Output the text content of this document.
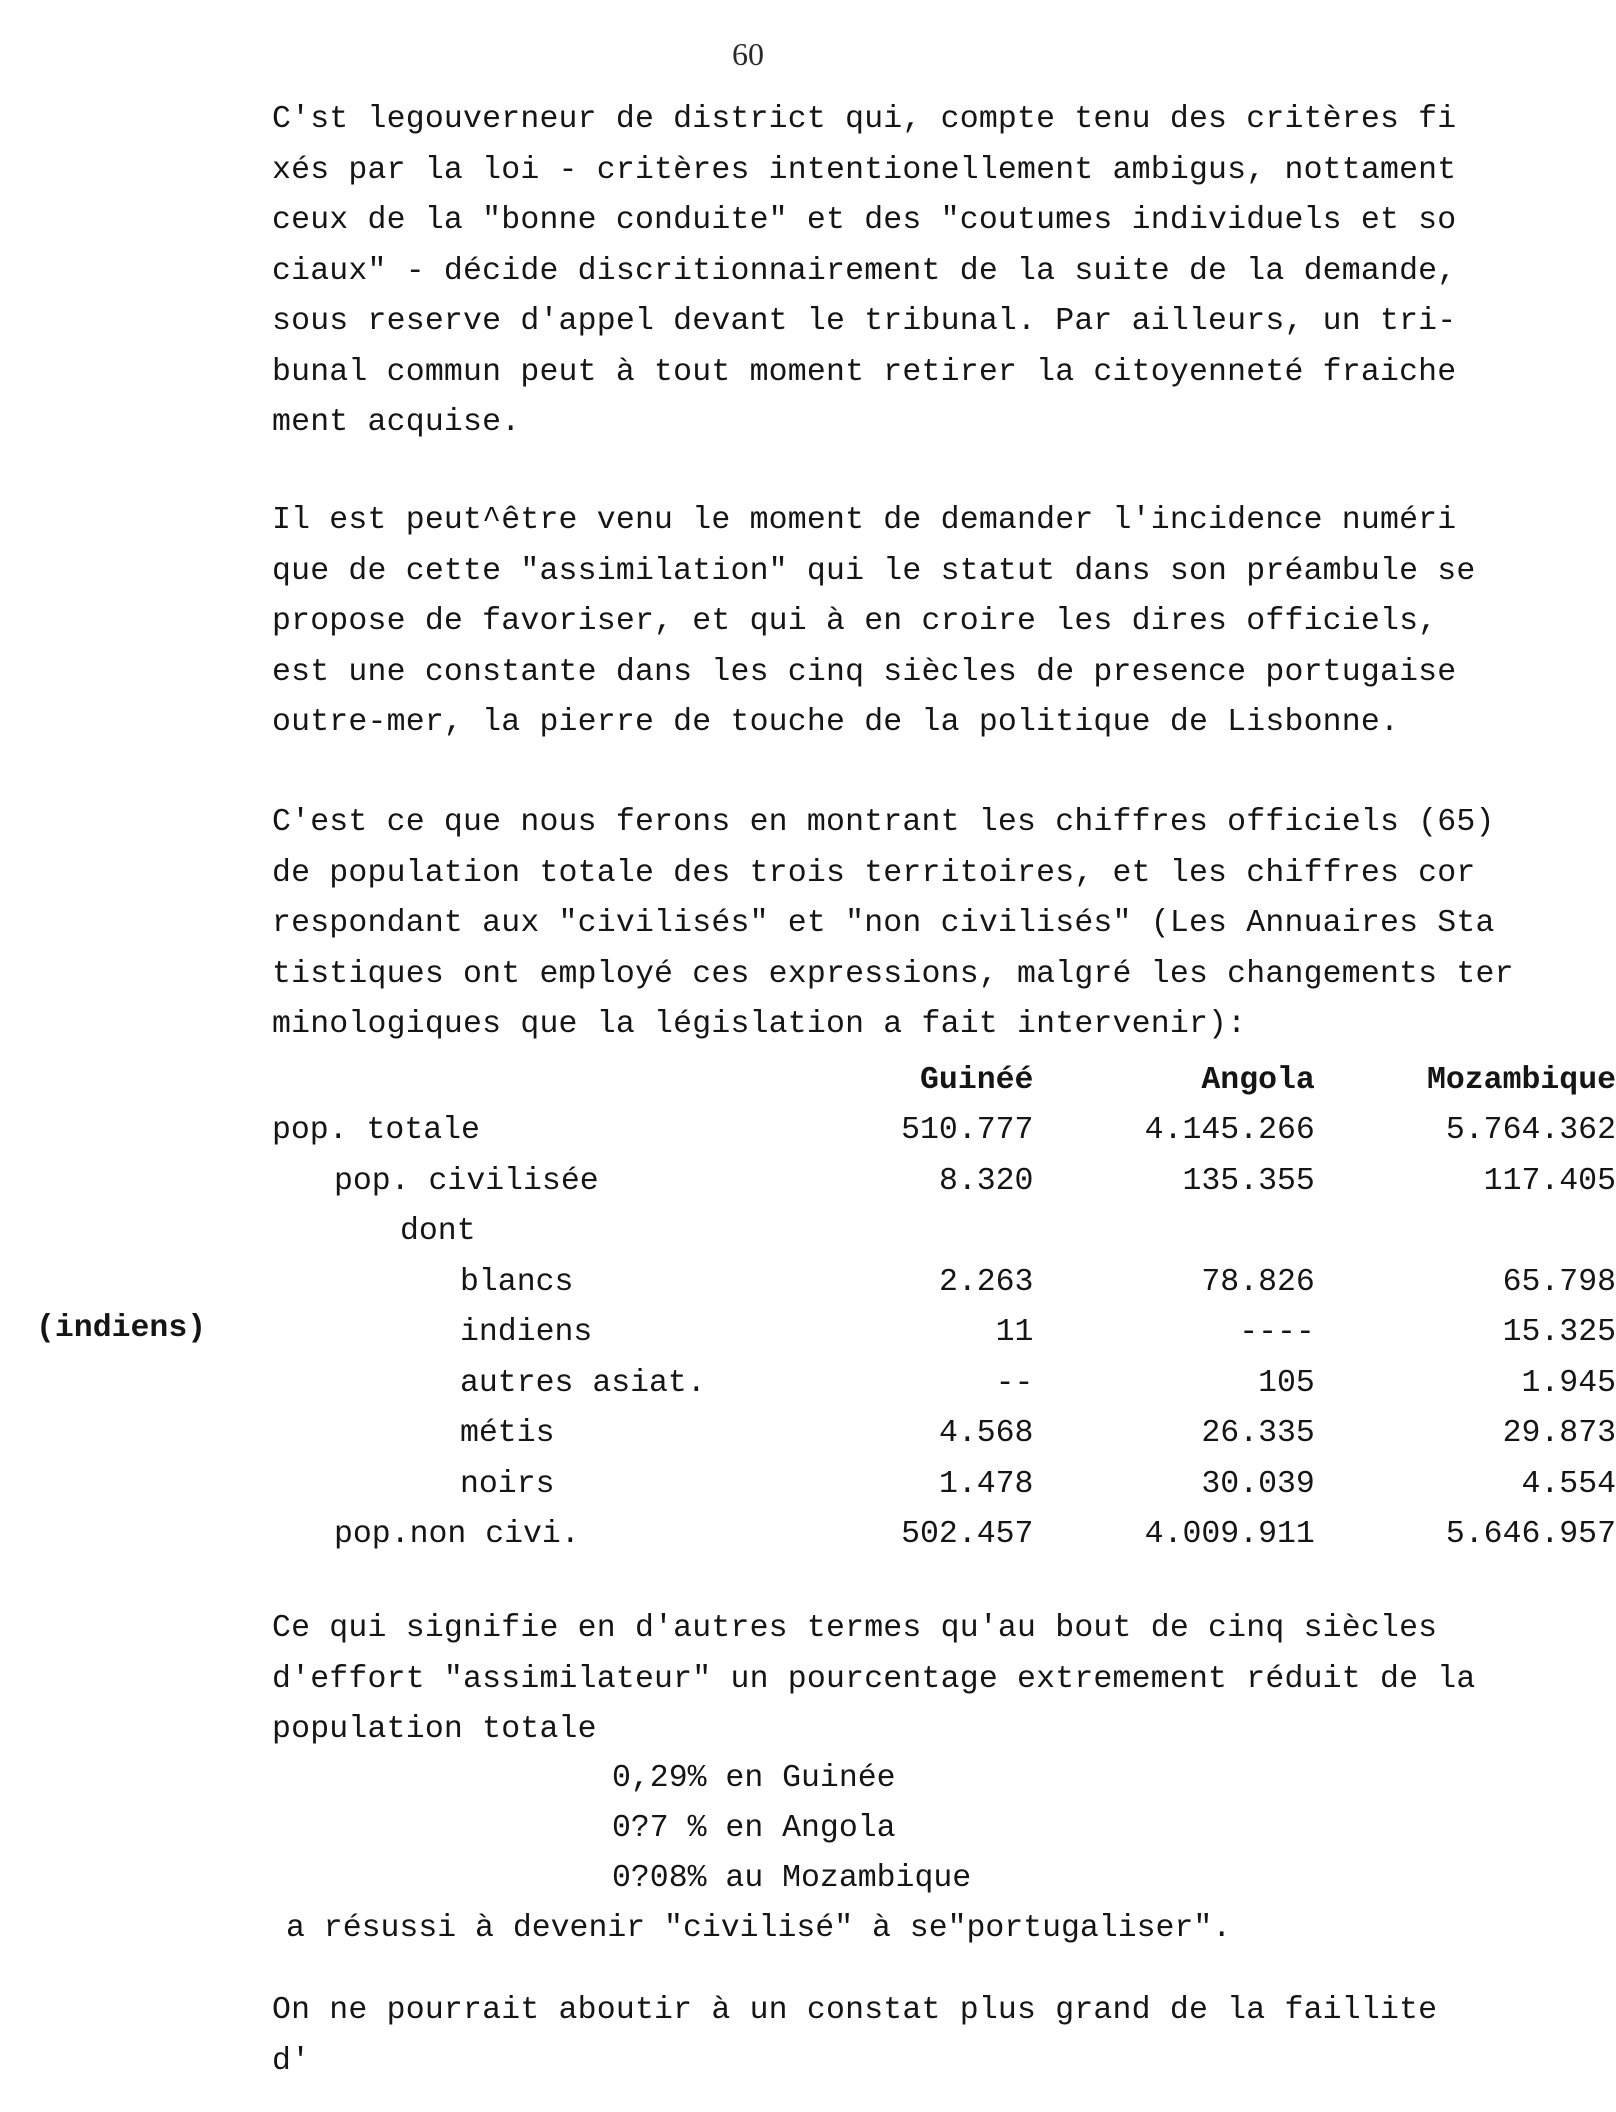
60
C'st legouverneur de district qui, compte tenu des critères fi
xés par la loi - critères intentionellement ambigus, nottament
ceux de la "bonne conduite" et des "coutumes individuels et so
ciaux" - décide discritionnairement de la suite de la demande,
sous reserve d'appel devant le tribunal. Par ailleurs, un tri-
bunal commun peut à tout moment retirer la citoyenneté fraiche
ment acquise.
Il est peut^être venu le moment de demander l'incidence numéri
que de cette "assimilation" qui le statut dans son préambule se
propose de favoriser, et qui à en croire les dires officiels,
est une constante dans les cinq siècles de presence portugaise
outre-mer, la pierre de touche de la politique de Lisbonne.
C'est ce que nous ferons en montrant les chiffres officiels (65)
de population totale des trois territoires, et les chiffres cor
respondant aux "civilisés" et "non civilisés" (Les Annuaires Sta
tistiques ont employé ces expressions, malgré les changements ter
minologiques que la législation a fait intervenir):
	Guinéé	Angola	Mozambique
pop. totale	510.777	4.145.266	5.764.362
pop. civilisée	8.320	135.355	117.405
dont			
blancs	2.263	78.826	65.798
indiens	11	----	15.325
autres asiat.	--	105	1.945
métis	4.568	26.335	29.873
noirs	1.478	30.039	4.554
pop.non civi.	502.457	4.009.911	5.646.957
(indiens)
Ce qui signifie en d'autres termes qu'au bout de cinq siècles
d'effort "assimilateur" un pourcentage extremement réduit de la
population totale
0,29% en Guinée
0?7 % en Angola
0?08% au Mozambique
a résussi à devenir "civilisé" à se"portugaliser".
On ne pourrait aboutir à un constat plus grand de la faillite
d'
